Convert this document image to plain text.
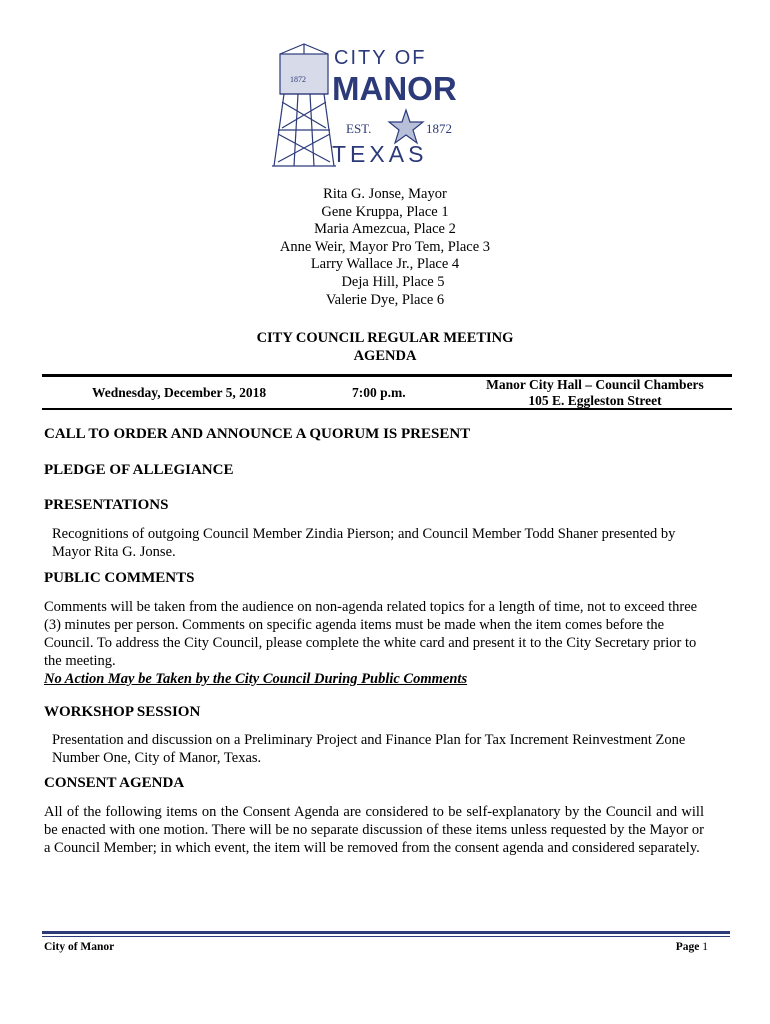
1872
CITY OF
MANOR
EST.	1872
TEXAS
Rita G. Jonse, Mayor
Gene Kruppa, Place 1
Maria Amezcua, Place 2
Anne Weir, Mayor Pro Tem, Place 3
Larry Wallace Jr., Place 4
Deja Hill, Place 5
Valerie Dye, Place 6
CITY COUNCIL REGULAR MEETING
AGENDA
Wednesday, December 5, 2018	7:00 p.m.
Manor City Hall – Council Chambers
105 E. Eggleston Street
CALL TO ORDER AND ANNOUNCE A QUORUM IS PRESENT
PLEDGE OF ALLEGIANCE
PRESENTATIONS
Recognitions of outgoing Council Member Zindia Pierson; and Council Member Todd Shaner presented by Mayor Rita G. Jonse.
PUBLIC COMMENTS
Comments will be taken from the audience on non-agenda related topics for a length of time, not to exceed three (3) minutes per person. Comments on specific agenda items must be made when the item comes before the Council. To address the City Council, please complete the white card and present it to the City Secretary prior to the meeting.
No Action May be Taken by the City Council During Public Comments
WORKSHOP SESSION
Presentation and discussion on a Preliminary Project and Finance Plan for Tax Increment Reinvestment Zone Number One, City of Manor, Texas.
CONSENT AGENDA
All of the following items on the Consent Agenda are considered to be self-explanatory by the Council and will be enacted with one motion. There will be no separate discussion of these items unless requested by the Mayor or a Council Member; in which event, the item will be removed from the consent agenda and considered separately.
City of Manor	Page 1
